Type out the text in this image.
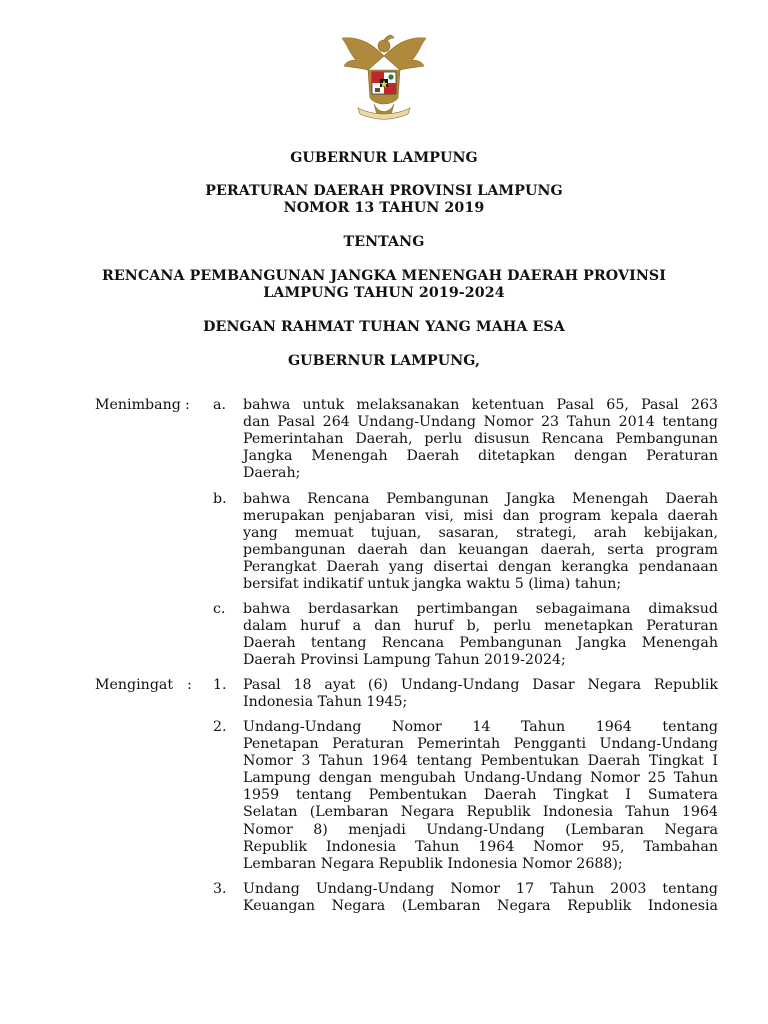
GUBERNUR LAMPUNG
PERATURAN DAERAH PROVINSI LAMPUNG
NOMOR 13 TAHUN 2019
TENTANG
RENCANA PEMBANGUNAN JANGKA MENENGAH DAERAH PROVINSI
LAMPUNG TAHUN 2019-2024
DENGAN RAHMAT TUHAN YANG MAHA ESA
GUBERNUR LAMPUNG,
Menimbang : a. bahwa untuk melaksanakan ketentuan Pasal 65, Pasal 263
dan Pasal 264 Undang-Undang Nomor 23 Tahun 2014 tentang
Pemerintahan Daerah, perlu disusun Rencana Pembangunan
Jangka Menengah Daerah ditetapkan dengan Peraturan
Daerah;
b. bahwa Rencana Pembangunan Jangka Menengah Daerah
merupakan penjabaran visi, misi dan program kepala daerah
yang memuat tujuan, sasaran, strategi, arah kebijakan,
pembangunan daerah dan keuangan daerah, serta program
Perangkat Daerah yang disertai dengan kerangka pendanaan
bersifat indikatif untuk jangka waktu 5 (lima) tahun;
c. bahwa berdasarkan pertimbangan sebagaimana dimaksud
dalam huruf a dan huruf b, perlu menetapkan Peraturan
Daerah tentang Rencana Pembangunan Jangka Menengah
Daerah Provinsi Lampung Tahun 2019-2024;
Mengingat : 1. Pasal 18 ayat (6) Undang-Undang Dasar Negara Republik
Indonesia Tahun 1945;
2. Undang-Undang Nomor 14 Tahun 1964 tentang
Penetapan Peraturan Pemerintah Pengganti Undang-Undang
Nomor 3 Tahun 1964 tentang Pembentukan Daerah Tingkat I
Lampung dengan mengubah Undang-Undang Nomor 25 Tahun
1959 tentang Pembentukan Daerah Tingkat I Sumatera
Selatan (Lembaran Negara Republik Indonesia Tahun 1964
Nomor 8) menjadi Undang-Undang (Lembaran Negara
Republik Indonesia Tahun 1964 Nomor 95, Tambahan
Lembaran Negara Republik Indonesia Nomor 2688);
3. Undang Undang-Undang Nomor 17 Tahun 2003 tentang
Keuangan Negara (Lembaran Negara Republik Indonesia
